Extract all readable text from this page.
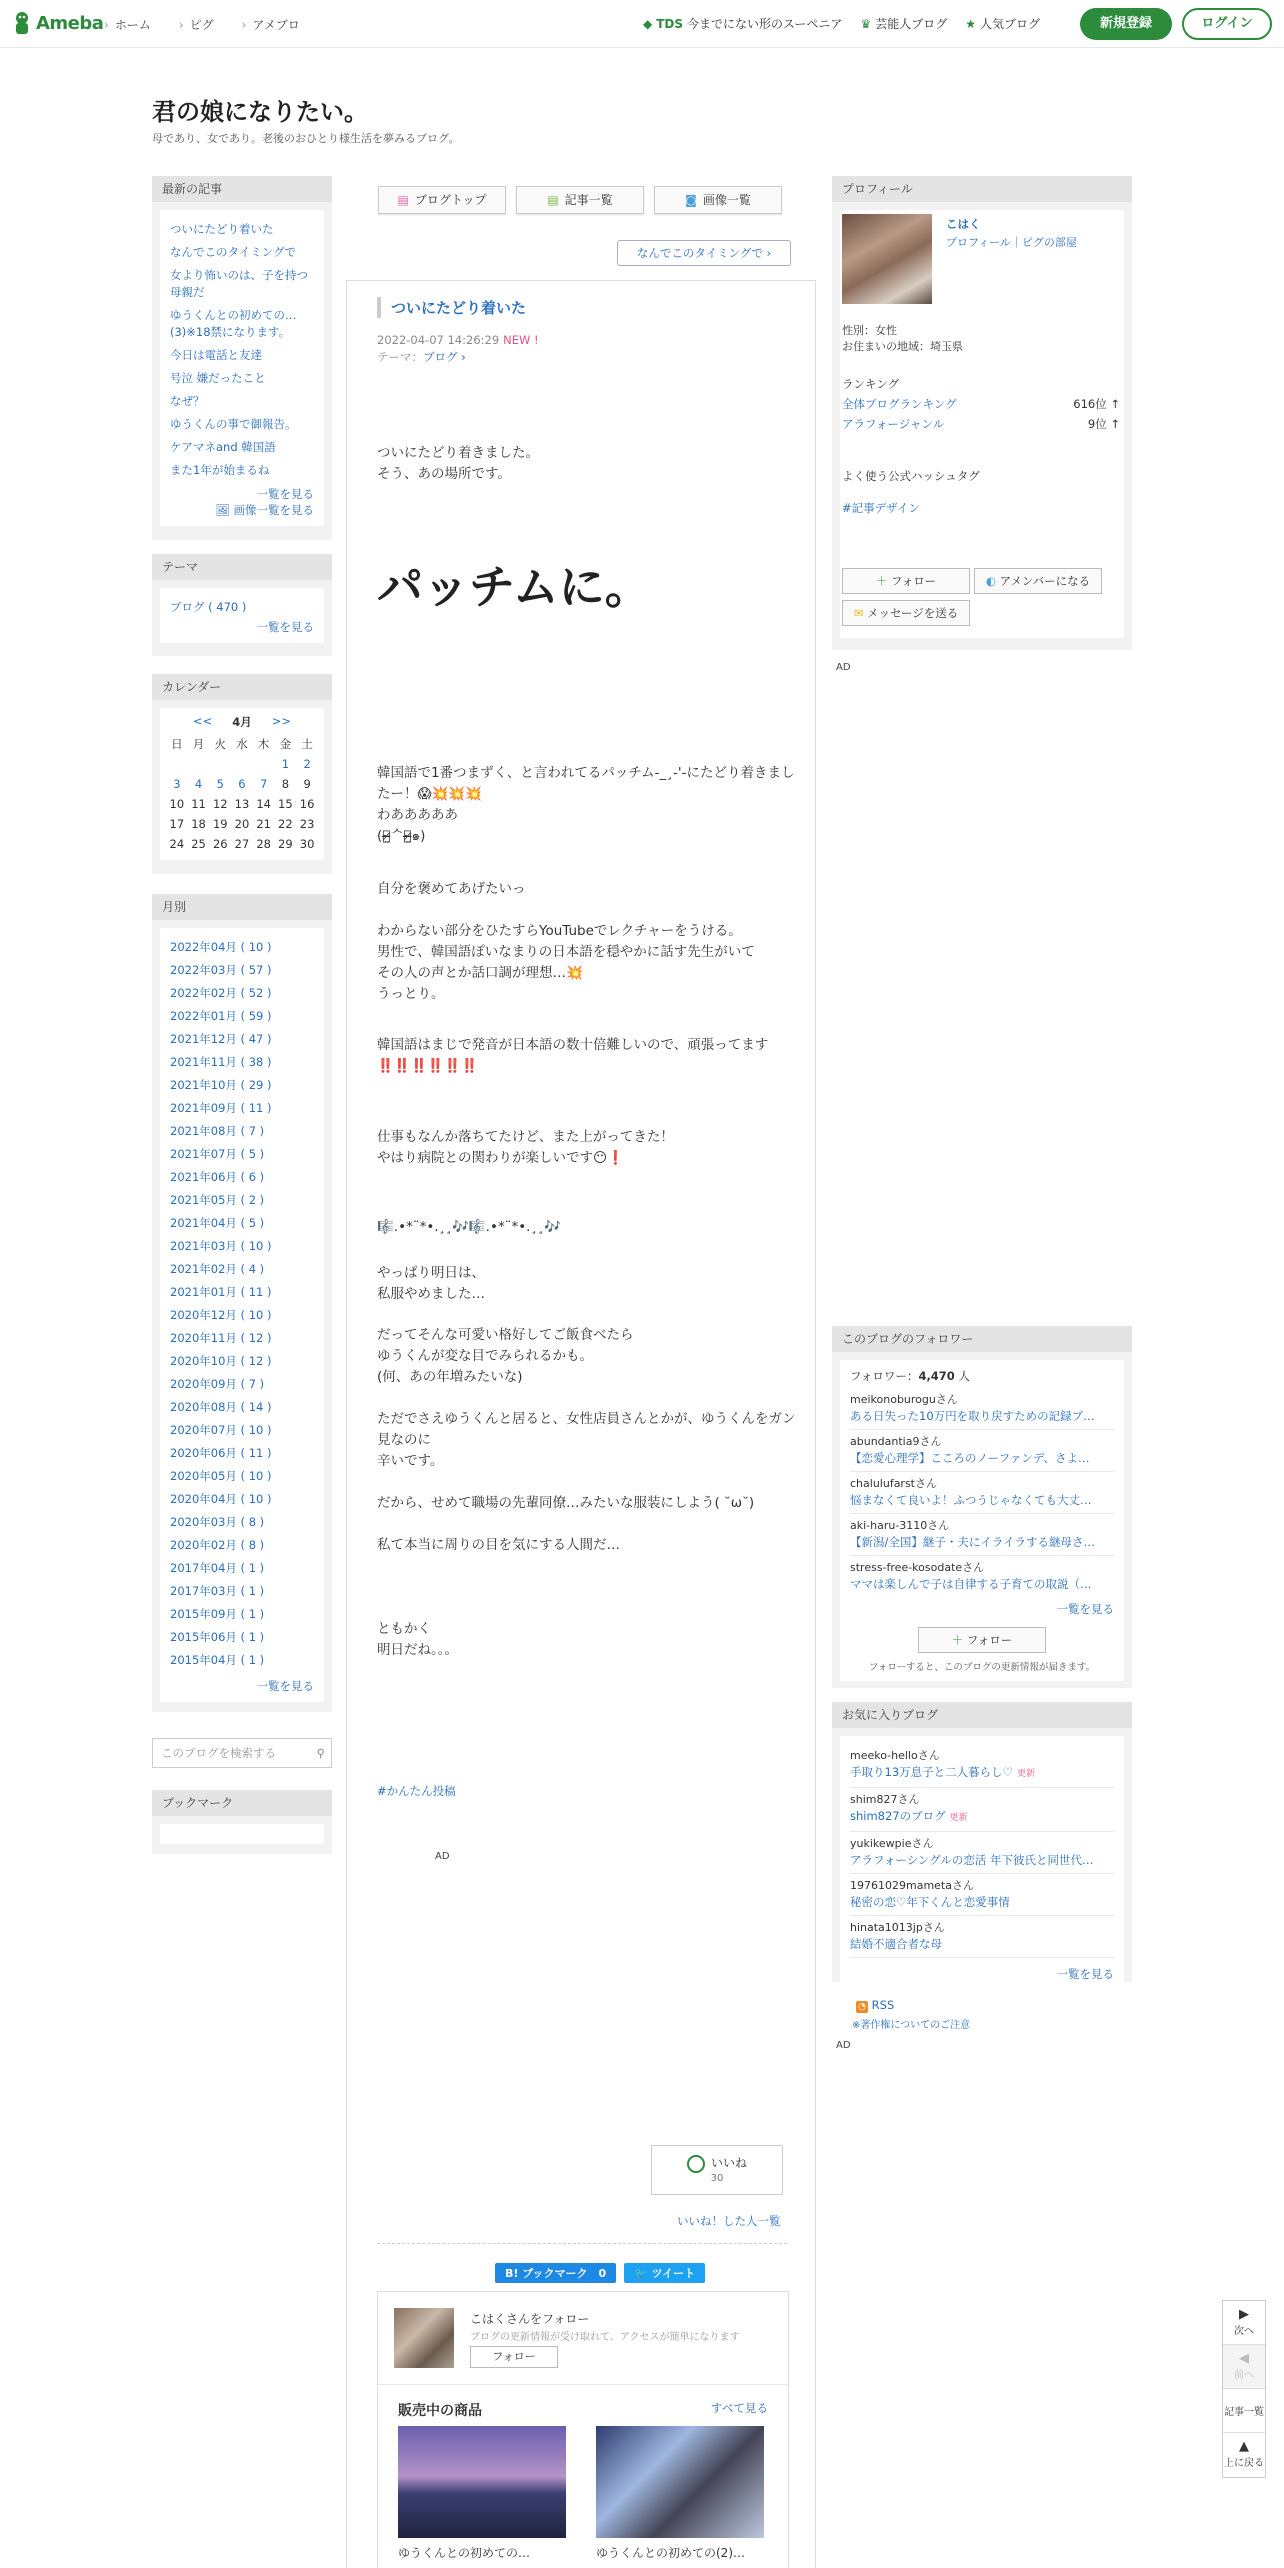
Ameba › ホーム	› ピグ	› アメブロ	◆ TDS 今までにない形のスーペニア ♛ 芸能人ブログ ★ 人気ブログ	新規登録	ログイン
君の娘になりたい。
母であり、女であり。老後のおひとり様生活を夢みるブログ。
最新の記事
ついにたどり着いた
なんでこのタイミングで
女より怖いのは、子を持つ母親だ
ゆうくんとの初めての…(3)※18禁になります。
今日は電話と友達
号泣 嫌だったこと
なぜ？
ゆうくんの事で御報告。
ケアマネand 韓国語
また1年が始まるね
一覧を見る
🖼 画像一覧を見る
テーマ
ブログ ( 470 )
一覧を見る
カレンダー
<< 4月 >>
日	月	火	水	木	金	土
					1	2
3	4	5	6	7	8	9
10	11	12	13	14	15	16
17	18	19	20	21	22	23
24	25	26	27	28	29	30
月別
2022年04月 ( 10 )
2022年03月 ( 57 )
2022年02月 ( 52 )
2022年01月 ( 59 )
2021年12月 ( 47 )
2021年11月 ( 38 )
2021年10月 ( 29 )
2021年09月 ( 11 )
2021年08月 ( 7 )
2021年07月 ( 5 )
2021年06月 ( 6 )
2021年05月 ( 2 )
2021年04月 ( 5 )
2021年03月 ( 10 )
2021年02月 ( 4 )
2021年01月 ( 11 )
2020年12月 ( 10 )
2020年11月 ( 12 )
2020年10月 ( 12 )
2020年09月 ( 7 )
2020年08月 ( 14 )
2020年07月 ( 10 )
2020年06月 ( 11 )
2020年05月 ( 10 )
2020年04月 ( 10 )
2020年03月 ( 8 )
2020年02月 ( 8 )
2017年04月 ( 1 )
2017年03月 ( 1 )
2015年09月 ( 1 )
2015年06月 ( 1 )
2015年04月 ( 1 )
一覧を見る
このブログを検索する	⚲
ブックマーク
▤ ブログトップ	▤ 記事一覧	◙ 画像一覧
なんでこのタイミングで ›
ついにたどり着いた
2022-04-07 14:26:29 NEW !
テーマ：ブログ ›
ついにたどり着きました。
そう、あの場所です。
パッチムに。
韓国語で1番つまずく、と言われてるパッチム-_¸-'-にたどり着きましたー！😱💥💥💥
わあああああ
(ㅇ̴̶̷̤ᄉㅇ̴̶̷̤๑)
自分を褒めてあげたいっ
わからない部分をひたすらYouTubeでレクチャーをうける。
男性で、韓国語ぽいなまりの日本語を穏やかに話す先生がいて
その人の声とか話口調が理想…💥
うっとり。
韓国語はまじで発音が日本語の数十倍難しいので、頑張ってます
‼️‼️‼️‼️‼️‼️
仕事もなんか落ちてたけど、また上がってきた！
やはり病院との関わりが楽しいです😶❗
🎼.•*¨*•.¸¸🎶🎼.•*¨*•.¸¸🎶
やっぱり明日は、
私服やめました…
だってそんな可愛い格好してご飯食べたら
ゆうくんが変な目でみられるかも。
(何、あの年増みたいな)
ただでさえゆうくんと居ると、女性店員さんとかが、ゆうくんをガン見なのに
辛いです。
だから、せめて職場の先輩同僚…みたいな服装にしよう( ˘ω˘)
私て本当に周りの目を気にする人間だ…
ともかく
明日だね。。。
#かんたん投稿
AD
いいね
30
いいね！した人一覧
B! ブックマーク　0	🐦 ツイート
こはくさんをフォロー
ブログの更新情報が受け取れて、アクセスが簡単になります
フォロー
販売中の商品	すべて見る
ゆうくんとの初めての…	ゆうくんとの初めての(2)…
プロフィール
こはく
プロフィール｜ピグの部屋
性別：女性
お住まいの地域：埼玉県
ランキング
全体ブログランキング	616位 ↑
アラフォージャンル	9位 ↑
よく使う公式ハッシュタグ
#記事デザイン
＋ フォロー	◐ アメンバーになる
✉ メッセージを送る
AD
このブログのフォロワー
フォロワー：4,470 人
meikonoburoguさん
ある日失った10万円を取り戻すための記録ブ…
abundantia9さん
【恋愛心理学】こころのノーファンデ、さよ…
chalulufarstさん
悩まなくて良いよ！ふつうじゃなくても大丈…
aki-haru-3110さん
【新潟/全国】継子・夫にイライラする継母さ…
stress-free-kosodateさん
ママは楽しんで子は自律する子育ての取説（…
一覧を見る
＋ フォロー
フォローすると、このブログの更新情報が届きます。
お気に入りブログ
meeko-helloさん
手取り13万息子と二人暮らし♡ 更新
shim827さん
shim827のブログ 更新
yukikewpieさん
アラフォーシングルの恋活 年下彼氏と同世代…
19761029mametaさん
秘密の恋♡年下くんと恋愛事情
hinata1013jpさん
結婚不適合者な母
一覧を見る
◔ RSS
※著作権についてのご注意
AD
▶
次へ
◀
前へ
記事一覧
▲
上に戻る
